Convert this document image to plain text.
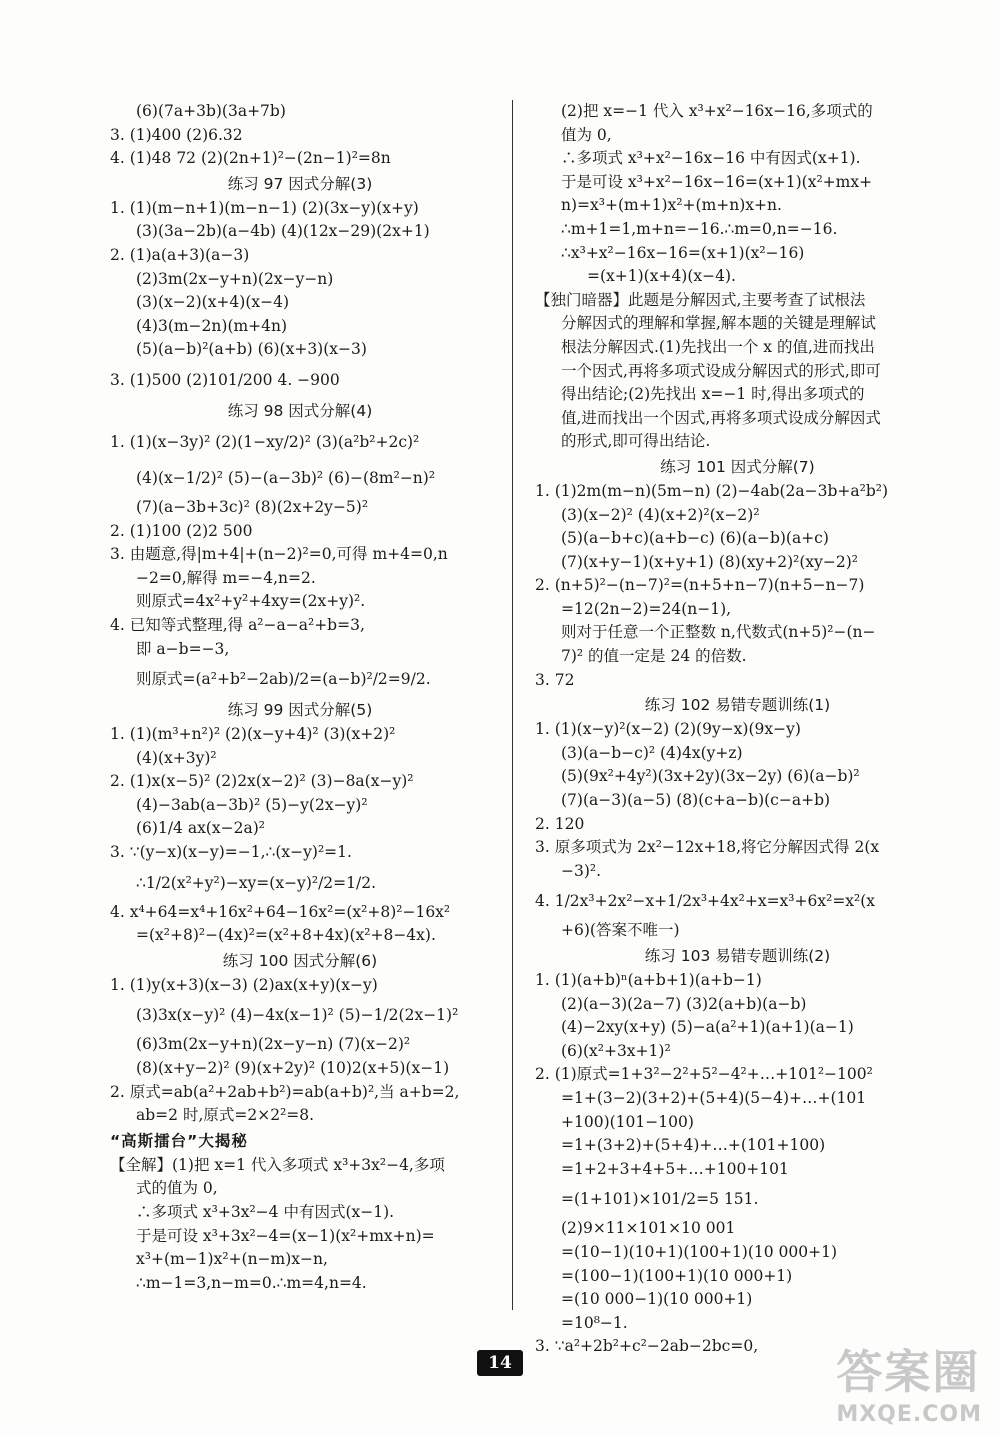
(6)(7a+3b)(3a+7b)
3. (1)400 (2)6.32
4. (1)48 72 (2)(2n+1)²−(2n−1)²=8n
练习 97 因式分解(3)
1. (1)(m−n+1)(m−n−1) (2)(3x−y)(x+y)
(3)(3a−2b)(a−4b) (4)(12x−29)(2x+1)
2. (1)a(a+3)(a−3)
(2)3m(2x−y+n)(2x−y−n)
(3)(x−2)(x+4)(x−4)
(4)3(m−2n)(m+4n)
(5)(a−b)²(a+b) (6)(x+3)(x−3)
3. (1)500 (2)101/200 4. −900
练习 98 因式分解(4)
1. (1)(x−3y)² (2)(1−xy/2)² (3)(a²b²+2c)²
(4)(x−1/2)² (5)−(a−3b)² (6)−(8m²−n)²
(7)(a−3b+3c)² (8)(2x+2y−5)²
2. (1)100 (2)2 500
3. 由题意,得|m+4|+(n−2)²=0,可得 m+4=0,n
−2=0,解得 m=−4,n=2.
则原式=4x²+y²+4xy=(2x+y)².
4. 已知等式整理,得 a²−a−a²+b=3,
即 a−b=−3,
则原式=(a²+b²−2ab)/2=(a−b)²/2=9/2.
练习 99 因式分解(5)
1. (1)(m³+n²)² (2)(x−y+4)² (3)(x+2)²
(4)(x+3y)²
2. (1)x(x−5)² (2)2x(x−2)² (3)−8a(x−y)²
(4)−3ab(a−3b)² (5)−y(2x−y)²
(6)1/4 ax(x−2a)²
3. ∵(y−x)(x−y)=−1,∴(x−y)²=1.
∴1/2(x²+y²)−xy=(x−y)²/2=1/2.
4. x⁴+64=x⁴+16x²+64−16x²=(x²+8)²−16x²
=(x²+8)²−(4x)²=(x²+8+4x)(x²+8−4x).
练习 100 因式分解(6)
1. (1)y(x+3)(x−3) (2)ax(x+y)(x−y)
(3)3x(x−y)² (4)−4x(x−1)² (5)−1/2(2x−1)²
(6)3m(2x−y+n)(2x−y−n) (7)(x−2)²
(8)(x+y−2)² (9)(x+2y)² (10)2(x+5)(x−1)
2. 原式=ab(a²+2ab+b²)=ab(a+b)²,当 a+b=2,
ab=2 时,原式=2×2²=8.
“高斯擂台”大揭秘
【全解】(1)把 x=1 代入多项式 x³+3x²−4,多项
式的值为 0,
∴多项式 x³+3x²−4 中有因式(x−1).
于是可设 x³+3x²−4=(x−1)(x²+mx+n)=
x³+(m−1)x²+(n−m)x−n,
∴m−1=3,n−m=0.∴m=4,n=4.
(2)把 x=−1 代入 x³+x²−16x−16,多项式的
值为 0,
∴多项式 x³+x²−16x−16 中有因式(x+1).
于是可设 x³+x²−16x−16=(x+1)(x²+mx+
n)=x³+(m+1)x²+(m+n)x+n.
∴m+1=1,m+n=−16.∴m=0,n=−16.
∴x³+x²−16x−16=(x+1)(x²−16)
=(x+1)(x+4)(x−4).
【独门暗器】此题是分解因式,主要考查了试根法
分解因式的理解和掌握,解本题的关键是理解试
根法分解因式.(1)先找出一个 x 的值,进而找出
一个因式,再将多项式设成分解因式的形式,即可
得出结论;(2)先找出 x=−1 时,得出多项式的
值,进而找出一个因式,再将多项式设成分解因式
的形式,即可得出结论.
练习 101 因式分解(7)
1. (1)2m(m−n)(5m−n) (2)−4ab(2a−3b+a²b²)
(3)(x−2)² (4)(x+2)²(x−2)²
(5)(a−b+c)(a+b−c) (6)(a−b)(a+c)
(7)(x+y−1)(x+y+1) (8)(xy+2)²(xy−2)²
2. (n+5)²−(n−7)²=(n+5+n−7)(n+5−n−7)
=12(2n−2)=24(n−1),
则对于任意一个正整数 n,代数式(n+5)²−(n−
7)² 的值一定是 24 的倍数.
3. 72
练习 102 易错专题训练(1)
1. (1)(x−y)²(x−2) (2)(9y−x)(9x−y)
(3)(a−b−c)² (4)4x(y+z)
(5)(9x²+4y²)(3x+2y)(3x−2y) (6)(a−b)²
(7)(a−3)(a−5) (8)(c+a−b)(c−a+b)
2. 120
3. 原多项式为 2x²−12x+18,将它分解因式得 2(x
−3)².
4. 1/2x³+2x²−x+1/2x³+4x²+x=x³+6x²=x²(x
+6)(答案不唯一)
练习 103 易错专题训练(2)
1. (1)(a+b)ⁿ(a+b+1)(a+b−1)
(2)(a−3)(2a−7) (3)2(a+b)(a−b)
(4)−2xy(x+y) (5)−a(a²+1)(a+1)(a−1)
(6)(x²+3x+1)²
2. (1)原式=1+3²−2²+5²−4²+…+101²−100²
=1+(3−2)(3+2)+(5+4)(5−4)+…+(101
+100)(101−100)
=1+(3+2)+(5+4)+…+(101+100)
=1+2+3+4+5+…+100+101
=(1+101)×101/2=5 151.
(2)9×11×101×10 001
=(10−1)(10+1)(100+1)(10 000+1)
=(100−1)(100+1)(10 000+1)
=(10 000−1)(10 000+1)
=10⁸−1.
3. ∵a²+2b²+c²−2ab−2bc=0,
14	答案圈
MXQE.COM
